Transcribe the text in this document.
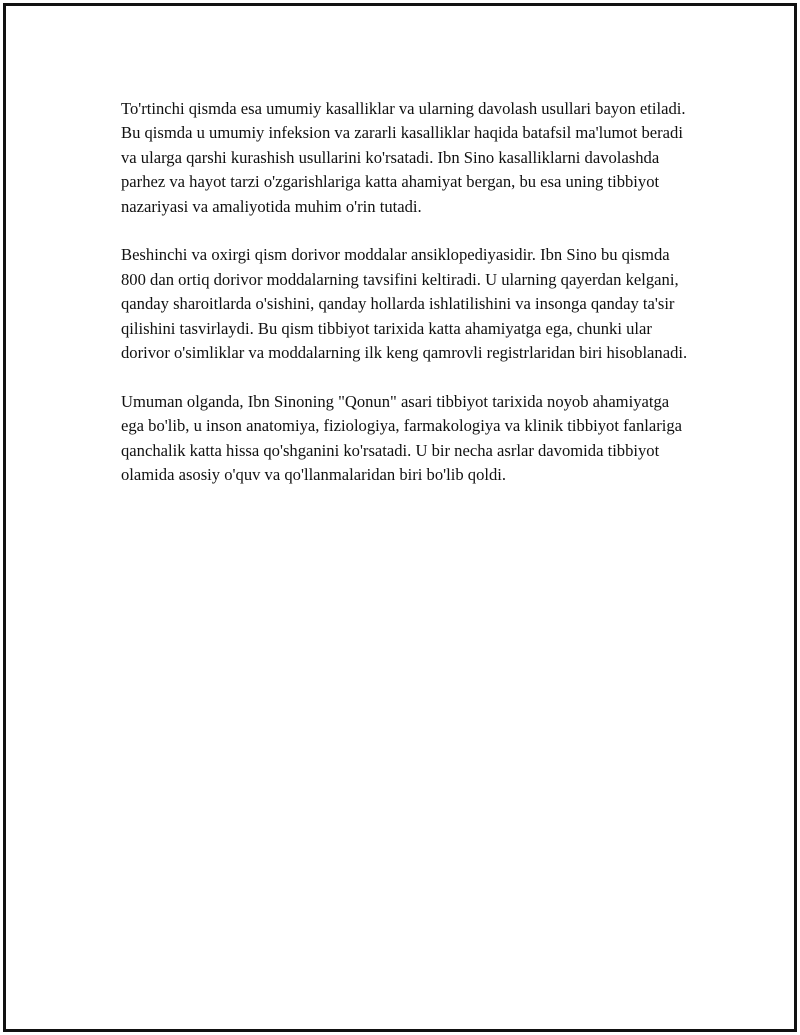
To'rtinchi qismda esa umumiy kasalliklar va ularning davolash usullari bayon etiladi. Bu qismda u umumiy infeksion va zararli kasalliklar haqida batafsil ma'lumot beradi va ularga qarshi kurashish usullarini ko'rsatadi. Ibn Sino kasalliklarni davolashda parhez va hayot tarzi o'zgarishlariga katta ahamiyat bergan, bu esa uning tibbiyot nazariyasi va amaliyotida muhim o'rin tutadi.

Beshinchi va oxirgi qism dorivor moddalar ansiklopediyasidir. Ibn Sino bu qismda 800 dan ortiq dorivor moddalarning tavsifini keltiradi. U ularning qayerdan kelgani, qanday sharoitlarda o'sishini, qanday hollarda ishlatilishini va insonga qanday ta'sir qilishini tasvirlaydi. Bu qism tibbiyot tarixida katta ahamiyatga ega, chunki ular dorivor o'simliklar va moddalarning ilk keng qamrovli registrlaridan biri hisoblanadi.

Umuman olganda, Ibn Sinoning "Qonun" asari tibbiyot tarixida noyob ahamiyatga ega bo'lib, u inson anatomiya, fiziologiya, farmakologiya va klinik tibbiyot fanlariga qanchalik katta hissa qo'shganini ko'rsatadi. U bir necha asrlar davomida tibbiyot olamida asosiy o'quv va qo'llanmalaridan biri bo'lib qoldi.
